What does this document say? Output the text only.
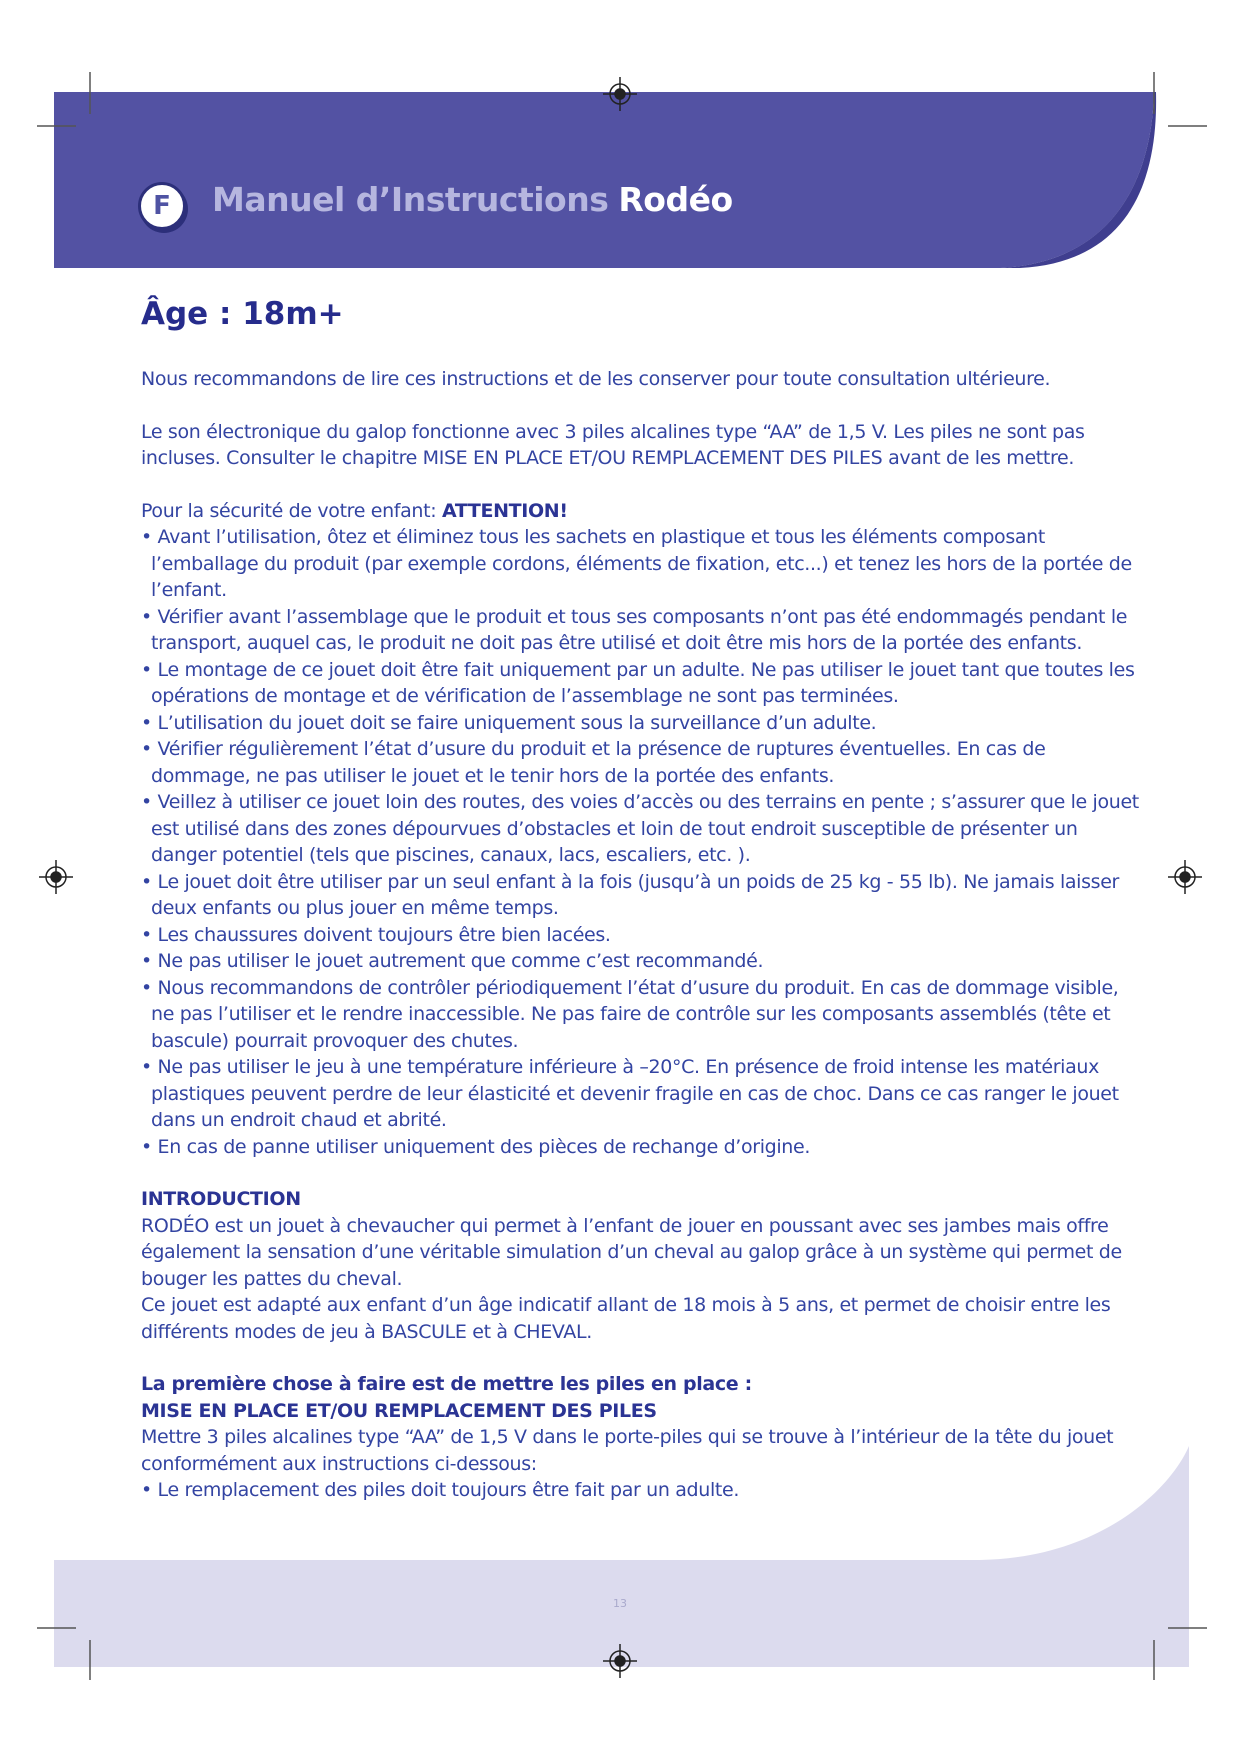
F	Manuel d’Instructions Rodéo
Âge : 18m+

Nous recommandons de lire ces instructions et de les conserver pour toute consultation ultérieure.

Le son électronique du galop fonctionne avec 3 piles alcalines type “AA” de 1,5 V. Les piles ne sont pas incluses. Consulter le chapitre MISE EN PLACE ET/OU REMPLACEMENT DES PILES avant de les mettre.

Pour la sécurité de votre enfant: ATTENTION!

• Avant l’utilisation, ôtez et éliminez tous les sachets en plastique et tous les éléments composant l’emballage du produit (par exemple cordons, éléments de fixation, etc...) et tenez les hors de la portée de l’enfant.
• Vérifier avant l’assemblage que le produit et tous ses composants n’ont pas été endommagés pendant le transport, auquel cas, le produit ne doit pas être utilisé et doit être mis hors de la portée des enfants.
• Le montage de ce jouet doit être fait uniquement par un adulte. Ne pas utiliser le jouet tant que toutes les opérations de montage et de vérification de l’assemblage ne sont pas terminées.
• L’utilisation du jouet doit se faire uniquement sous la surveillance d’un adulte.
• Vérifier régulièrement l’état d’usure du produit et la présence de ruptures éventuelles. En cas de dommage, ne pas utiliser le jouet et le tenir hors de la portée des enfants.
• Veillez à utiliser ce jouet loin des routes, des voies d’accès ou des terrains en pente ; s’assurer que le jouet est utilisé dans des zones dépourvues d’obstacles et loin de tout endroit susceptible de présenter un danger potentiel (tels que piscines, canaux, lacs, escaliers, etc. ).
• Le jouet doit être utiliser par un seul enfant à la fois (jusqu’à un poids de 25 kg - 55 lb). Ne jamais laisser deux enfants ou plus jouer en même temps.
• Les chaussures doivent toujours être bien lacées.
• Ne pas utiliser le jouet autrement que comme c’est recommandé.
• Nous recommandons de contrôler périodiquement l’état d’usure du produit. En cas de dommage visible, ne pas l’utiliser et le rendre inaccessible. Ne pas faire de contrôle sur les composants assemblés (tête et bascule) pourrait provoquer des chutes.
• Ne pas utiliser le jeu à une température inférieure à –20°C. En présence de froid intense les matériaux plastiques peuvent perdre de leur élasticité et devenir fragile en cas de choc. Dans ce cas ranger le jouet dans un endroit chaud et abrité.
• En cas de panne utiliser uniquement des pièces de rechange d’origine.

INTRODUCTION

RODÉO est un jouet à chevaucher qui permet à l’enfant de jouer en poussant avec ses jambes mais offre également la sensation d’une véritable simulation d’un cheval au galop grâce à un système qui permet de bouger les pattes du cheval.

Ce jouet est adapté aux enfant d’un âge indicatif allant de 18 mois à 5 ans, et permet de choisir entre les différents modes de jeu à BASCULE et à CHEVAL.

La première chose à faire est de mettre les piles en place :

MISE EN PLACE ET/OU REMPLACEMENT DES PILES

Mettre 3 piles alcalines type “AA” de 1,5 V dans le porte-piles qui se trouve à l’intérieur de la tête du jouet conformément aux instructions ci-dessous:

• Le remplacement des piles doit toujours être fait par un adulte.
13
